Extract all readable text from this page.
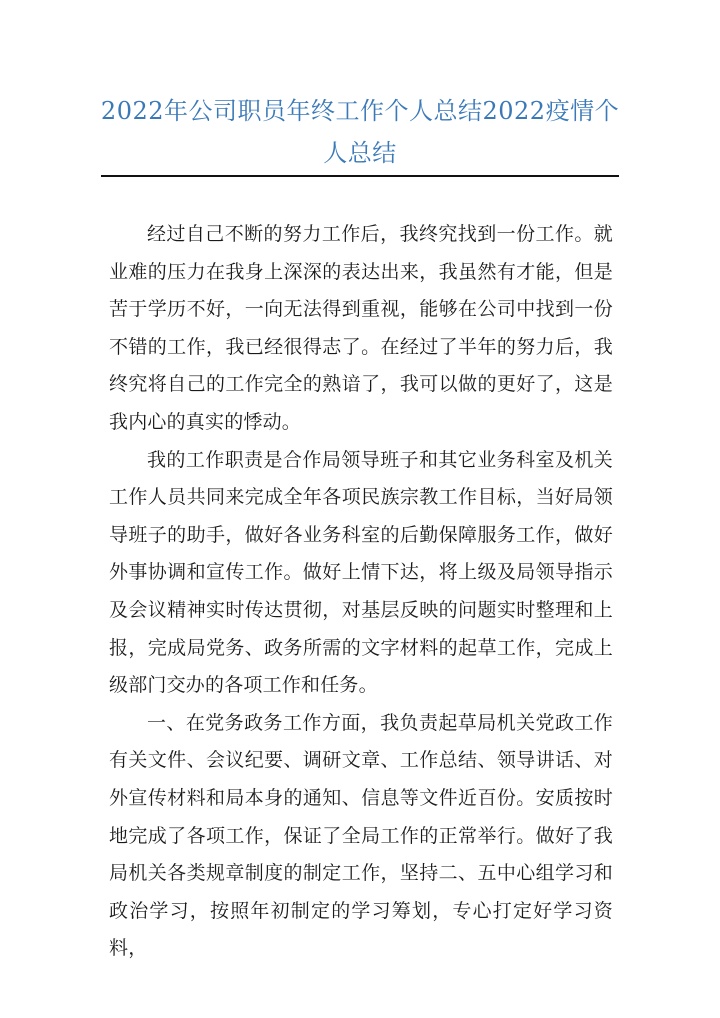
2022年公司职员年终工作个人总结2022疫情个人总结

经过自己不断的努力工作后，我终究找到一份工作。就业难的压力在我身上深深的表达出来，我虽然有才能，但是苦于学历不好，一向无法得到重视，能够在公司中找到一份不错的工作，我已经很得志了。在经过了半年的努力后，我终究将自己的工作完全的熟谙了，我可以做的更好了，这是我内心的真实的悸动。

我的工作职责是合作局领导班子和其它业务科室及机关工作人员共同来完成全年各项民族宗教工作目标，当好局领导班子的助手，做好各业务科室的后勤保障服务工作，做好外事协调和宣传工作。做好上情下达，将上级及局领导指示及会议精神实时传达贯彻，对基层反映的问题实时整理和上报，完成局党务、政务所需的文字材料的起草工作，完成上级部门交办的各项工作和任务。

一、在党务政务工作方面，我负责起草局机关党政工作有关文件、会议纪要、调研文章、工作总结、领导讲话、对外宣传材料和局本身的通知、信息等文件近百份。安质按时地完成了各项工作，保证了全局工作的正常举行。做好了我局机关各类规章制度的制定工作，坚持二、五中心组学习和政治学习，按照年初制定的学习筹划，专心打定好学习资料，
